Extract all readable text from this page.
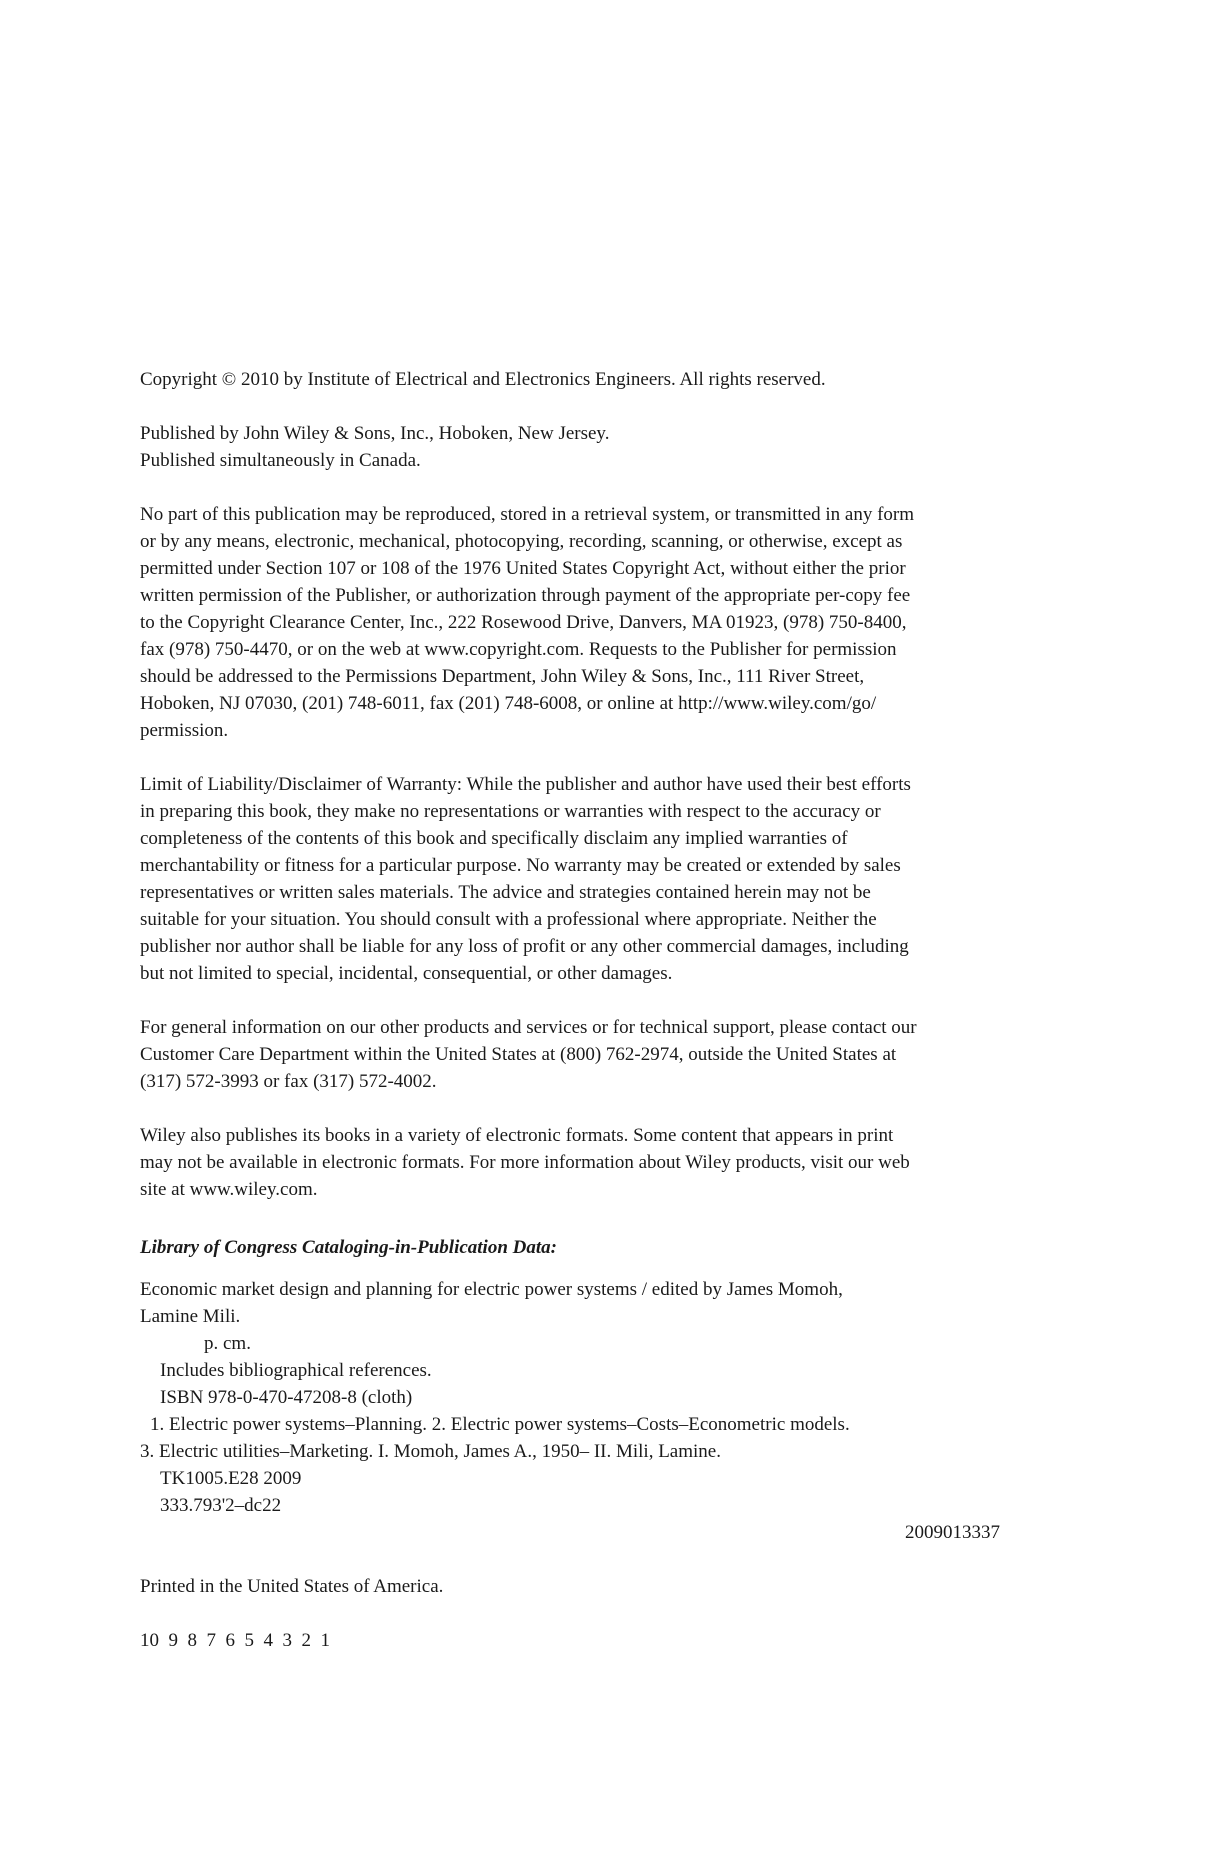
Copyright © 2010 by Institute of Electrical and Electronics Engineers. All rights reserved.

Published by John Wiley & Sons, Inc., Hoboken, New Jersey.
Published simultaneously in Canada.

No part of this publication may be reproduced, stored in a retrieval system, or transmitted in any form
or by any means, electronic, mechanical, photocopying, recording, scanning, or otherwise, except as
permitted under Section 107 or 108 of the 1976 United States Copyright Act, without either the prior
written permission of the Publisher, or authorization through payment of the appropriate per-copy fee
to the Copyright Clearance Center, Inc., 222 Rosewood Drive, Danvers, MA 01923, (978) 750-8400,
fax (978) 750-4470, or on the web at www.copyright.com. Requests to the Publisher for permission
should be addressed to the Permissions Department, John Wiley & Sons, Inc., 111 River Street,
Hoboken, NJ 07030, (201) 748-6011, fax (201) 748-6008, or online at http://www.wiley.com/go/
permission.

Limit of Liability/Disclaimer of Warranty: While the publisher and author have used their best efforts
in preparing this book, they make no representations or warranties with respect to the accuracy or
completeness of the contents of this book and specifically disclaim any implied warranties of
merchantability or fitness for a particular purpose. No warranty may be created or extended by sales
representatives or written sales materials. The advice and strategies contained herein may not be
suitable for your situation. You should consult with a professional where appropriate. Neither the
publisher nor author shall be liable for any loss of profit or any other commercial damages, including
but not limited to special, incidental, consequential, or other damages.

For general information on our other products and services or for technical support, please contact our
Customer Care Department within the United States at (800) 762-2974, outside the United States at
(317) 572-3993 or fax (317) 572-4002.

Wiley also publishes its books in a variety of electronic formats. Some content that appears in print
may not be available in electronic formats. For more information about Wiley products, visit our web
site at www.wiley.com.

Library of Congress Cataloging-in-Publication Data:

Economic market design and planning for electric power systems / edited by James Momoh,
Lamine Mili.
p. cm.
Includes bibliographical references.
ISBN 978-0-470-47208-8 (cloth)
1. Electric power systems–Planning. 2. Electric power systems–Costs–Econometric models.
3. Electric utilities–Marketing. I. Momoh, James A., 1950– II. Mili, Lamine.
TK1005.E28 2009
333.793'2–dc22
2009013337

Printed in the United States of America.

10  9  8  7  6  5  4  3  2  1
